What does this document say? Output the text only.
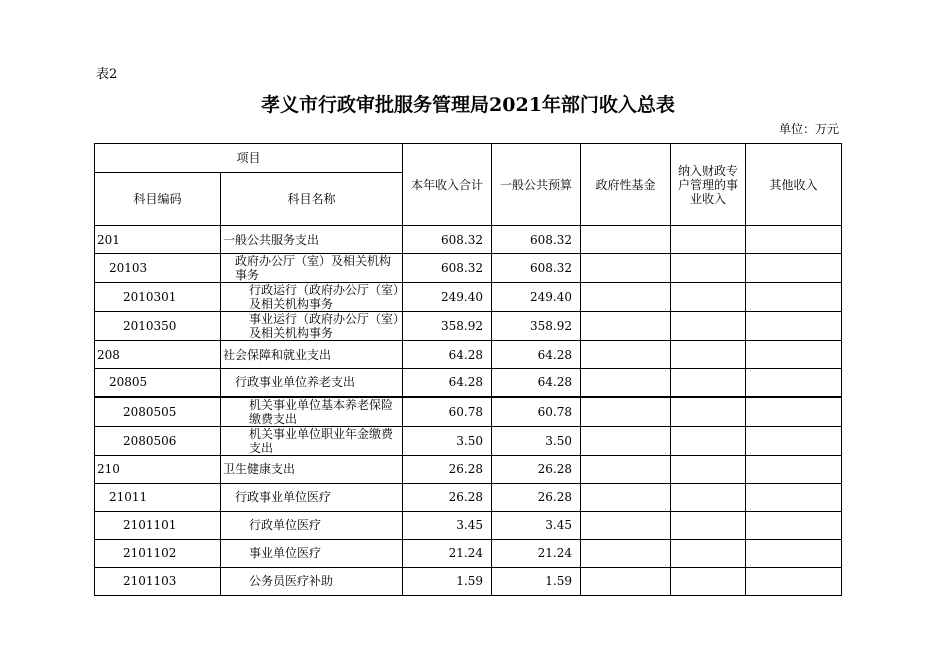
表2
孝义市行政审批服务管理局2021年部门收入总表
单位：万元
项目		本年收入合计	一般公共预算	政府性基金	纳入财政专户管理的事业收入	其他收入
科目编码	科目名称					
201	一般公共服务支出	608.32	608.32			
20103	政府办公厅（室）及相关机构事务	608.32	608.32			
2010301	行政运行（政府办公厅（室）及相关机构事务	249.40	249.40			
2010350	事业运行（政府办公厅（室）及相关机构事务	358.92	358.92			
208	社会保障和就业支出	64.28	64.28			
20805	行政事业单位养老支出	64.28	64.28			
2080505	机关事业单位基本养老保险缴费支出	60.78	60.78			
2080506	机关事业单位职业年金缴费支出	3.50	3.50			
210	卫生健康支出	26.28	26.28			
21011	行政事业单位医疗	26.28	26.28			
2101101	行政单位医疗	3.45	3.45			
2101102	事业单位医疗	21.24	21.24			
2101103	公务员医疗补助	1.59	1.59			
